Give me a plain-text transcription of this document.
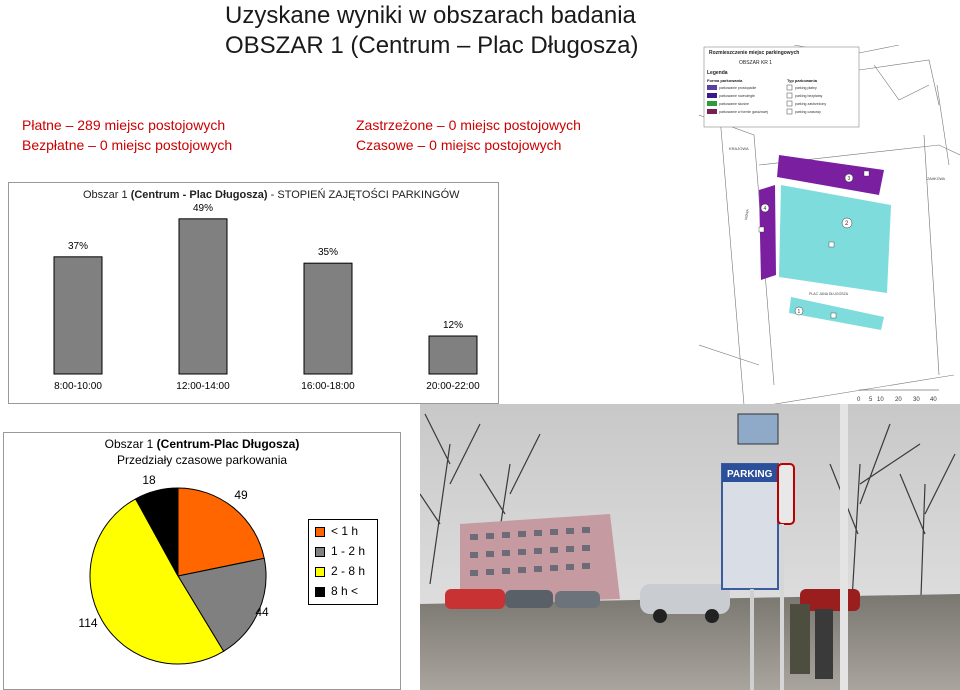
Uzyskane wyniki w obszarach badania
OBSZAR 1 (Centrum – Plac Długosza)
Płatne – 289 miejsc postojowych
Bezpłatne – 0 miejsc postojowych
Zastrzeżone – 0 miejsc postojowych
Czasowe – 0 miejsc postojowych
Obszar 1 (Centrum - Plac Długosza) - STOPIEŃ ZAJĘTOŚCI PARKINGÓW
37%
8:00-10:00
49%
12:00-14:00
35%
16:00-18:00
12%
20:00-22:00
Obszar 1 (Centrum-Plac Długosza)
Przedziały czasowe parkowania
49
44
114
18
< 1 h
1 - 2 h
2 - 8 h
8 h <
Rozmieszczenie miejsc parkingowych
OBSZAR KR 1
Legenda
Forma parkowania	Typ parkowania
parkowanie prostopadłe
parkowanie równoległe
parkowanie skośne
parkowanie w formie garażowej
parking płatny
parking bezpłatny
parking zastrzeżony
parking czasowy
3
4
2
1
KRAJOWA
PLAC JANA DŁUGOSZA
ZAMKOWA
NOWA
0 5 10 20 30 40
PARKING
